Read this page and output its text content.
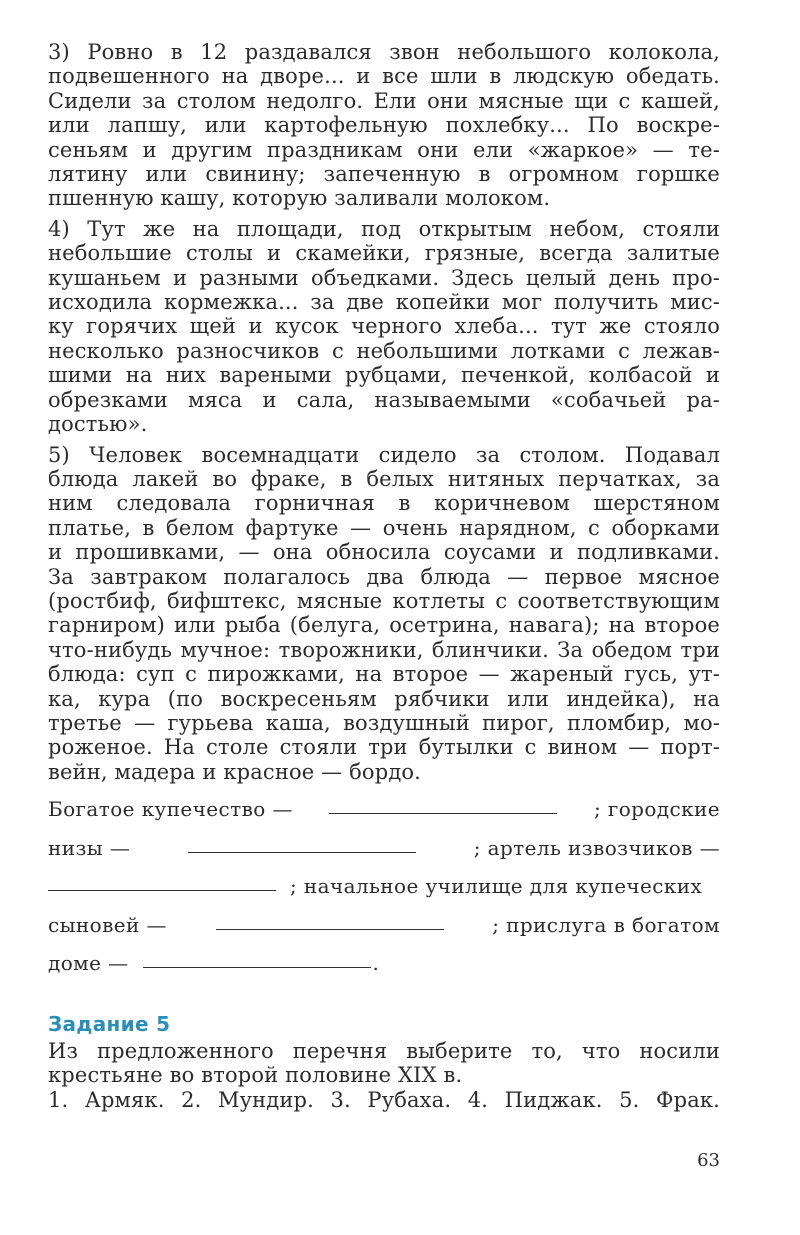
3) Ровно в 12 раздавался звон небольшого колокола,
подвешенного на дворе... и все шли в людскую обедать.
Сидели за столом недолго. Ели они мясные щи с кашей,
или лапшу, или картофельную похлебку... По воскре-
сеньям и другим праздникам они ели «жаркое» — те-
лятину или свинину; запеченную в огромном горшке
пшенную кашу, которую заливали молоком.
4) Тут же на площади, под открытым небом, стояли
небольшие столы и скамейки, грязные, всегда залитые
кушаньем и разными объедками. Здесь целый день про-
исходила кормежка... за две копейки мог получить мис-
ку горячих щей и кусок черного хлеба... тут же стояло
несколько разносчиков с небольшими лотками с лежав-
шими на них вареными рубцами, печенкой, колбасой и
обрезками мяса и сала, называемыми «собачьей ра-
достью».
5) Человек восемнадцати сидело за столом. Подавал
блюда лакей во фраке, в белых нитяных перчатках, за
ним следовала горничная в коричневом шерстяном
платье, в белом фартуке — очень нарядном, с оборками
и прошивками, — она обносила соусами и подливками.
За завтраком полагалось два блюда — первое мясное
(ростбиф, бифштекс, мясные котлеты с соответствующим
гарниром) или рыба (белуга, осетрина, навага); на второе
что-нибудь мучное: творожники, блинчики. За обедом три
блюда: суп с пирожками, на второе — жареный гусь, ут-
ка, кура (по воскресеньям рябчики или индейка), на
третье — гурьева каша, воздушный пирог, пломбир, мо-
роженое. На столе стояли три бутылки с вином — порт-
вейн, мадера и красное — бордо.
Богатое купечество —	; городские
низы —	; артель извозчиков —
; начальное училище для купеческих
сыновей —	; прислуга в богатом
доме —	.
Задание 5
Из предложенного перечня выберите то, что носили
крестьяне во второй половине XIX в.
1. Армяк. 2. Мундир. 3. Рубаха. 4. Пиджак. 5. Фрак.
63
